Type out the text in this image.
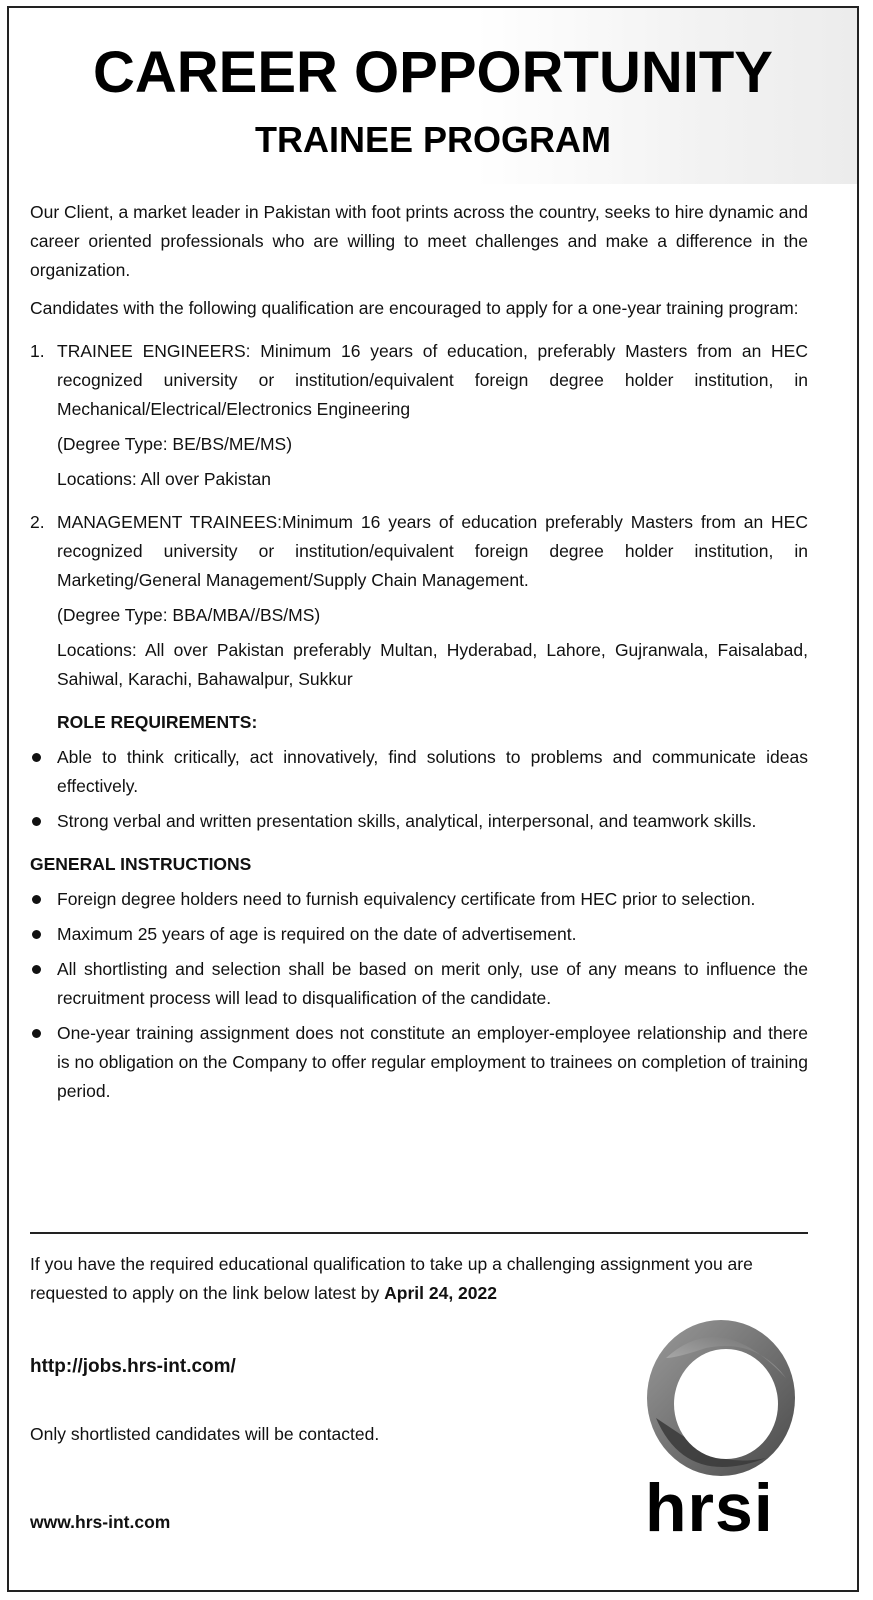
CAREER OPPORTUNITY
TRAINEE PROGRAM

Our Client, a market leader in Pakistan with foot prints across the country, seeks to hire dynamic and career oriented professionals who are willing to meet challenges and make a difference in the organization.

Candidates with the following qualification are encouraged to apply for a one-year training program:

1. TRAINEE ENGINEERS: Minimum 16 years of education, preferably Masters from an HEC recognized university or institution/equivalent foreign degree holder institution, in Mechanical/Electrical/Electronics Engineering

(Degree Type: BE/BS/ME/MS)

Locations: All over Pakistan

2. MANAGEMENT TRAINEES:Minimum 16 years of education preferably Masters from an HEC recognized university or institution/equivalent foreign degree holder institution, in Marketing/General Management/Supply Chain Management.

(Degree Type: BBA/MBA//BS/MS)

Locations: All over Pakistan preferably Multan, Hyderabad, Lahore, Gujranwala, Faisalabad, Sahiwal, Karachi, Bahawalpur, Sukkur

ROLE REQUIREMENTS:

Able to think critically, act innovatively, find solutions to problems and communicate ideas effectively.
Strong verbal and written presentation skills, analytical, interpersonal, and teamwork skills.

GENERAL INSTRUCTIONS

Foreign degree holders need to furnish equivalency certificate from HEC prior to selection.
Maximum 25 years of age is required on the date of advertisement.
All shortlisting and selection shall be based on merit only, use of any means to influence the recruitment process will lead to disqualification of the candidate.
One-year training assignment does not constitute an employer-employee relationship and there is no obligation on the Company to offer regular employment to trainees on completion of training period.
If you have the required educational qualification to take up a challenging assignment you are requested to apply on the link below latest by April 24, 2022
http://jobs.hrs-int.com/

Only shortlisted candidates will be contacted.

www.hrs-int.com	hrsi
